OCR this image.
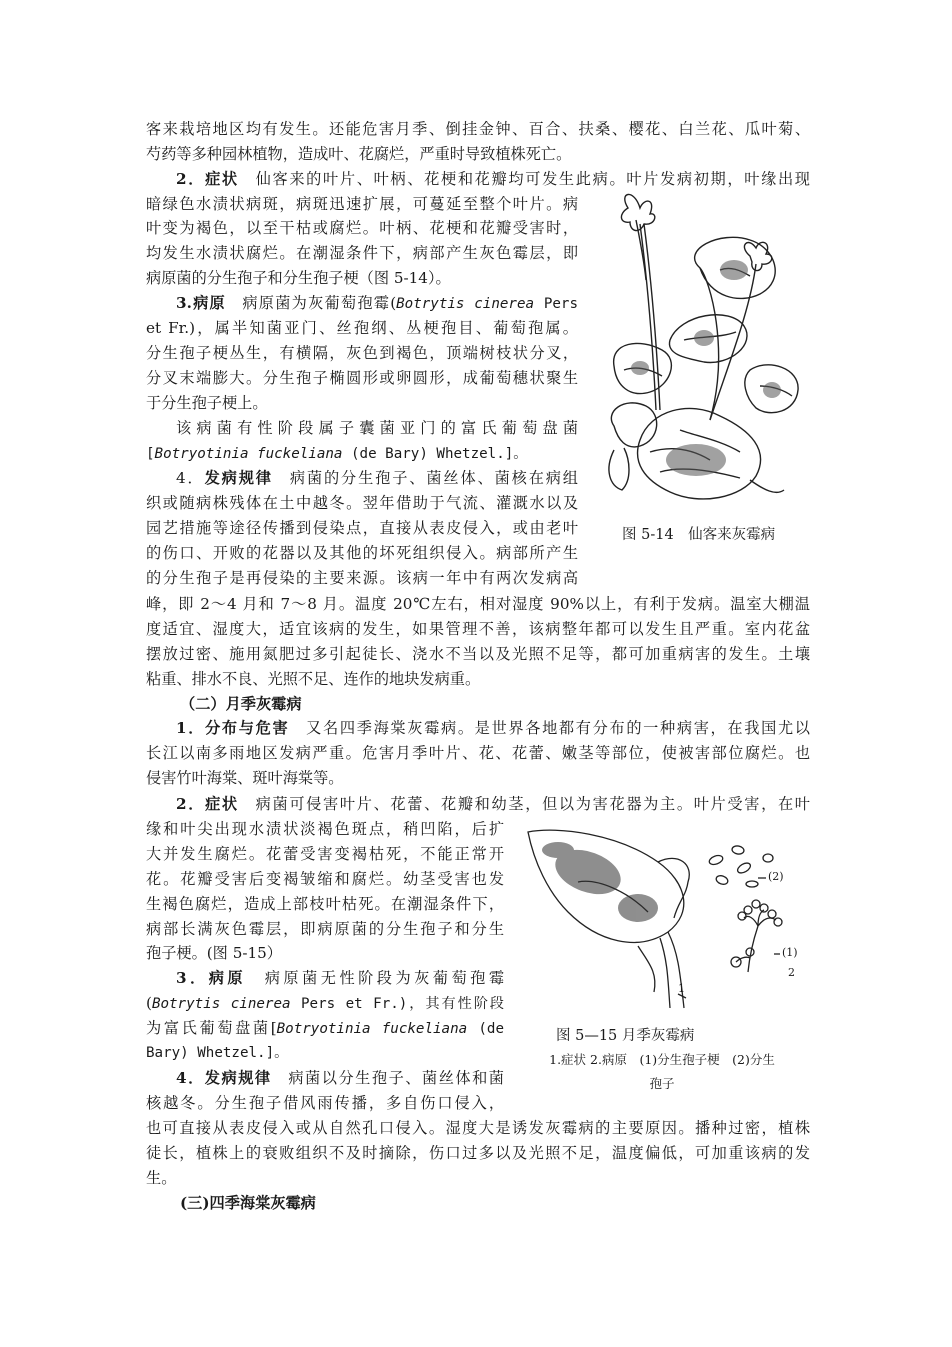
客来栽培地区均有发生。还能危害月季、倒挂金钟、百合、扶桑、樱花、白兰花、瓜叶菊、
芍药等多种园林植物，造成叶、花腐烂，严重时导致植株死亡。
2．症状　仙客来的叶片、叶柄、花梗和花瓣均可发生此病。叶片发病初期，叶缘出现
暗绿色水渍状病斑，病斑迅速扩展，可蔓延至整个叶片。病
叶变为褐色，以至干枯或腐烂。叶柄、花梗和花瓣受害时，
均发生水渍状腐烂。在潮湿条件下，病部产生灰色霉层，即
病原菌的分生孢子和分生孢子梗（图 5-14）。
3.病原　病原菌为灰葡萄孢霉(Botrytis cinerea Pers
et Fr.)，属半知菌亚门、丝孢纲、丛梗孢目、葡萄孢属。
分生孢子梗丛生，有横隔，灰色到褐色，顶端树枝状分叉，
分叉末端膨大。分生孢子椭圆形或卵圆形，成葡萄穗状聚生
于分生孢子梗上。
该病菌有性阶段属子囊菌亚门的富氏葡萄盘菌
[Botryotinia fuckeliana (de Bary) Whetzel.]。
4．发病规律　病菌的分生孢子、菌丝体、菌核在病组
织或随病株残体在土中越冬。翌年借助于气流、灌溉水以及
园艺措施等途径传播到侵染点，直接从表皮侵入，或由老叶
的伤口、开败的花器以及其他的坏死组织侵入。病部所产生
的分生孢子是再侵染的主要来源。该病一年中有两次发病高
峰，即 2～4 月和 7～8 月。温度 20℃左右，相对湿度 90%以上，有利于发病。温室大棚温
度适宜、湿度大，适宜该病的发生，如果管理不善，该病整年都可以发生且严重。室内花盆
摆放过密、施用氮肥过多引起徒长、浇水不当以及光照不足等，都可加重病害的发生。土壤
粘重、排水不良、光照不足、连作的地块发病重。
（二）月季灰霉病
1．分布与危害　又名四季海棠灰霉病。是世界各地都有分布的一种病害，在我国尤以
长江以南多雨地区发病严重。危害月季叶片、花、花蕾、嫩茎等部位，使被害部位腐烂。也
侵害竹叶海棠、斑叶海棠等。
2．症状　病菌可侵害叶片、花蕾、花瓣和幼茎，但以为害花器为主。叶片受害，在叶
缘和叶尖出现水渍状淡褐色斑点，稍凹陷，后扩
大并发生腐烂。花蕾受害变褐枯死，不能正常开
花。花瓣受害后变褐皱缩和腐烂。幼茎受害也发
生褐色腐烂，造成上部枝叶枯死。在潮湿条件下，
病部长满灰色霉层，即病原菌的分生孢子和分生
孢子梗。(图 5-15）
3．病原　病原菌无性阶段为灰葡萄孢霉
(Botrytis cinerea Pers et Fr.)，其有性阶段
为富氏葡萄盘菌[Botryotinia fuckeliana (de
Bary) Whetzel.]。
4．发病规律　病菌以分生孢子、菌丝体和菌
核越冬。分生孢子借风雨传播，多自伤口侵入，
也可直接从表皮侵入或从自然孔口侵入。湿度大是诱发灰霉病的主要原因。播种过密，植株
徒长，植株上的衰败组织不及时摘除，伤口过多以及光照不足，温度偏低，可加重该病的发
生。
(三)四季海棠灰霉病
图 5-14　仙客来灰霉病
1
2
(1)
(2)
图 5—15 月季灰霉病
1.症状 2.病原　(1)分生孢子梗　(2)分生
孢子
